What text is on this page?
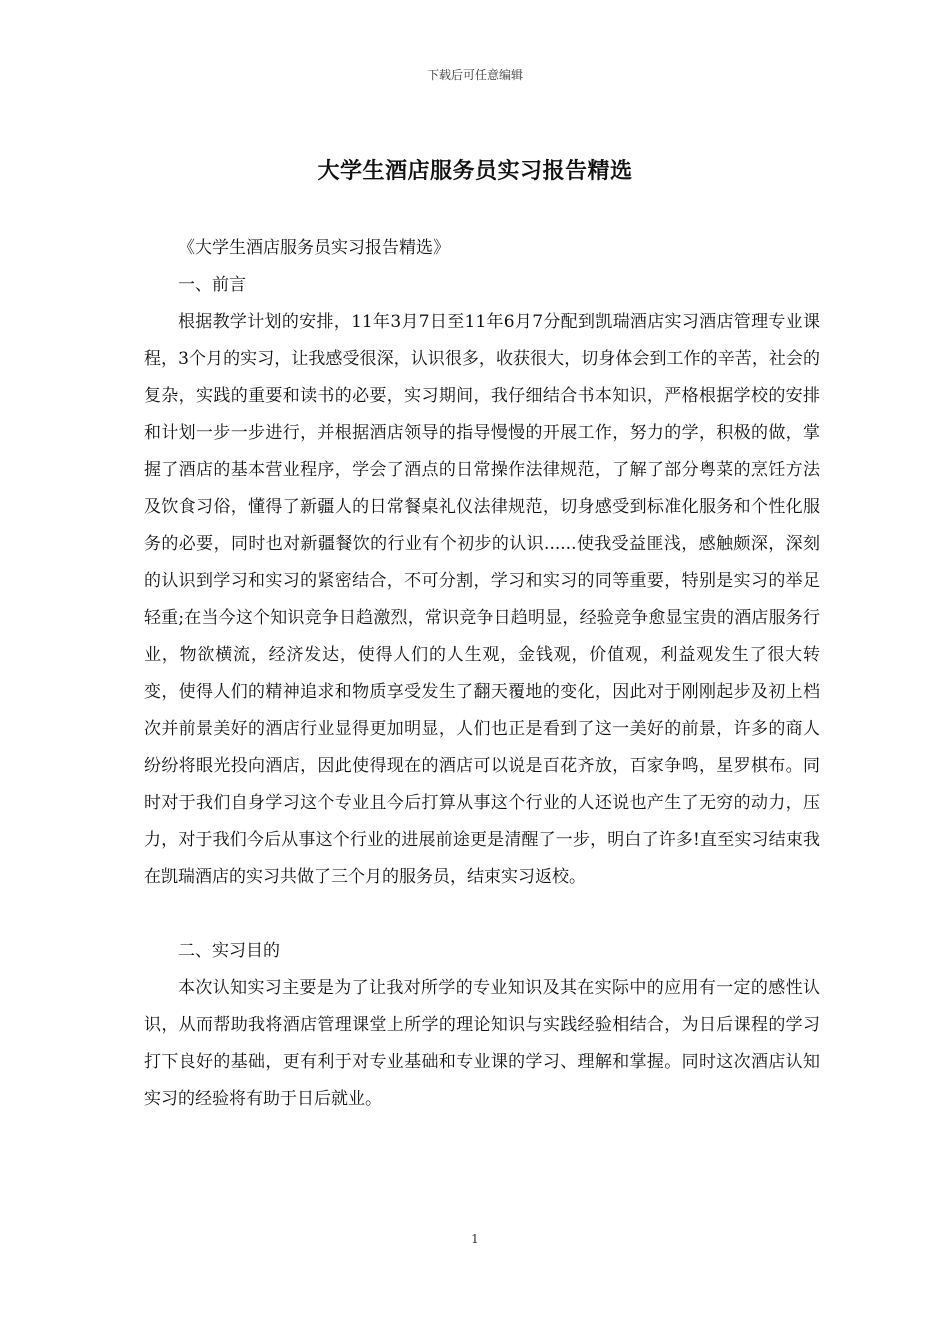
下载后可任意编辑
大学生酒店服务员实习报告精选

《大学生酒店服务员实习报告精选》

一、前言

根据教学计划的安排，11年3月7日至11年6月7分配到凯瑞酒店实习酒店管理专业课程，3个月的实习，让我感受很深，认识很多，收获很大，切身体会到工作的辛苦，社会的复杂，实践的重要和读书的必要，实习期间，我仔细结合书本知识，严格根据学校的安排和计划一步一步进行，并根据酒店领导的指导慢慢的开展工作，努力的学，积极的做，掌握了酒店的基本营业程序，学会了酒点的日常操作法律规范，了解了部分粤菜的烹饪方法及饮食习俗，懂得了新疆人的日常餐桌礼仪法律规范，切身感受到标准化服务和个性化服务的必要，同时也对新疆餐饮的行业有个初步的认识......使我受益匪浅，感触颇深，深刻的认识到学习和实习的紧密结合，不可分割，学习和实习的同等重要，特别是实习的举足轻重;在当今这个知识竞争日趋激烈，常识竞争日趋明显，经验竞争愈显宝贵的酒店服务行业，物欲横流，经济发达，使得人们的人生观，金钱观，价值观，利益观发生了很大转变，使得人们的精神追求和物质享受发生了翻天覆地的变化，因此对于刚刚起步及初上档次并前景美好的酒店行业显得更加明显，人们也正是看到了这一美好的前景，许多的商人纷纷将眼光投向酒店，因此使得现在的酒店可以说是百花齐放，百家争鸣，星罗棋布。同时对于我们自身学习这个专业且今后打算从事这个行业的人还说也产生了无穷的动力，压力，对于我们今后从事这个行业的进展前途更是清醒了一步，明白了许多!直至实习结束我在凯瑞酒店的实习共做了三个月的服务员，结束实习返校。

二、实习目的

本次认知实习主要是为了让我对所学的专业知识及其在实际中的应用有一定的感性认识，从而帮助我将酒店管理课堂上所学的理论知识与实践经验相结合，为日后课程的学习打下良好的基础，更有利于对专业基础和专业课的学习、理解和掌握。同时这次酒店认知实习的经验将有助于日后就业。

1
